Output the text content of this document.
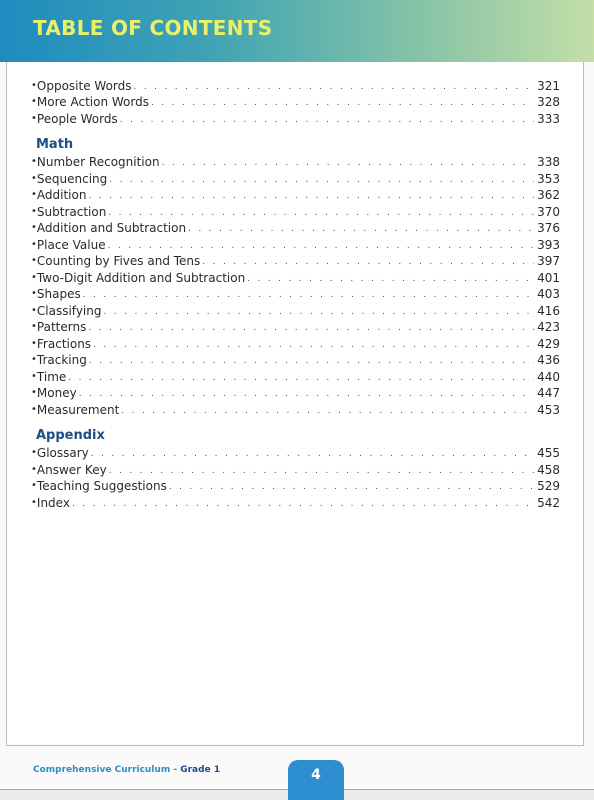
TABLE OF CONTENTS
• Opposite Words . . .	321
• More Action Words . . .	328
• People Words . . .	333
Math
• Number Recognition . . .	338
• Sequencing . . .	353
• Addition . . .	362
• Subtraction . . .	370
• Addition and Subtraction . . .	376
• Place Value . . .	393
• Counting by Fives and Tens . . .	397
• Two-Digit Addition and Subtraction . . .	401
• Shapes . . .	403
• Classifying . . .	416
• Patterns . . .	423
• Fractions . . .	429
• Tracking . . .	436
• Time . . .	440
• Money . . .	447
• Measurement . . .	453
Appendix
• Glossary . . .	455
• Answer Key . . .	458
• Teaching Suggestions . . .	529
• Index . . .	542
Comprehensive Curriculum - Grade 1	4
